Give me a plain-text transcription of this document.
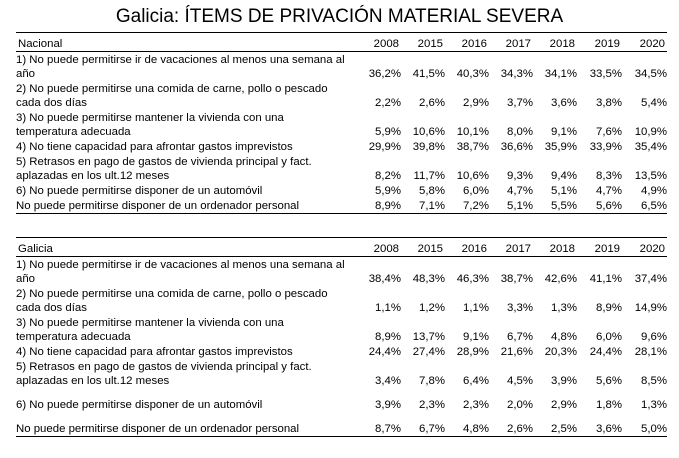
Galicia: ÍTEMS DE PRIVACIÓN MATERIAL SEVERA
Nacional	2008	2015	2016	2017	2018	2019	2020

1) No puede permitirse ir de vacaciones al menos una semana al
año	36,2%	41,5%	40,3%	34,3%	34,1%	33,5%	34,5%

2) No puede permitirse una comida de carne, pollo o pescado
cada dos días	2,2%	2,6%	2,9%	3,7%	3,6%	3,8%	5,4%

3) No puede permitirse mantener la vivienda con una
temperatura adecuada	5,9%	10,6%	10,1%	8,0%	9,1%	7,6%	10,9%

4) No tiene capacidad para afrontar gastos imprevistos	29,9%	39,8%	38,7%	36,6%	35,9%	33,9%	35,4%

5) Retrasos en pago de gastos de vivienda principal y fact.
aplazadas en los ult.12 meses	8,2%	11,7%	10,6%	9,3%	9,4%	8,3%	13,5%

6) No puede permitirse disponer de un automóvil	5,9%	5,8%	6,0%	4,7%	5,1%	4,7%	4,9%

No puede permitirse disponer de un ordenador personal	8,9%	7,1%	7,2%	5,1%	5,5%	5,6%	6,5%
Galicia	2008	2015	2016	2017	2018	2019	2020

1) No puede permitirse ir de vacaciones al menos una semana al
año	38,4%	48,3%	46,3%	38,7%	42,6%	41,1%	37,4%

2) No puede permitirse una comida de carne, pollo o pescado
cada dos días	1,1%	1,2%	1,1%	3,3%	1,3%	8,9%	14,9%

3) No puede permitirse mantener la vivienda con una
temperatura adecuada	8,9%	13,7%	9,1%	6,7%	4,8%	6,0%	9,6%

4) No tiene capacidad para afrontar gastos imprevistos	24,4%	27,4%	28,9%	21,6%	20,3%	24,4%	28,1%

5) Retrasos en pago de gastos de vivienda principal y fact.
aplazadas en los ult.12 meses	3,4%	7,8%	6,4%	4,5%	3,9%	5,6%	8,5%

6) No puede permitirse disponer de un automóvil	3,9%	2,3%	2,3%	2,0%	2,9%	1,8%	1,3%

No puede permitirse disponer de un ordenador personal	8,7%	6,7%	4,8%	2,6%	2,5%	3,6%	5,0%
